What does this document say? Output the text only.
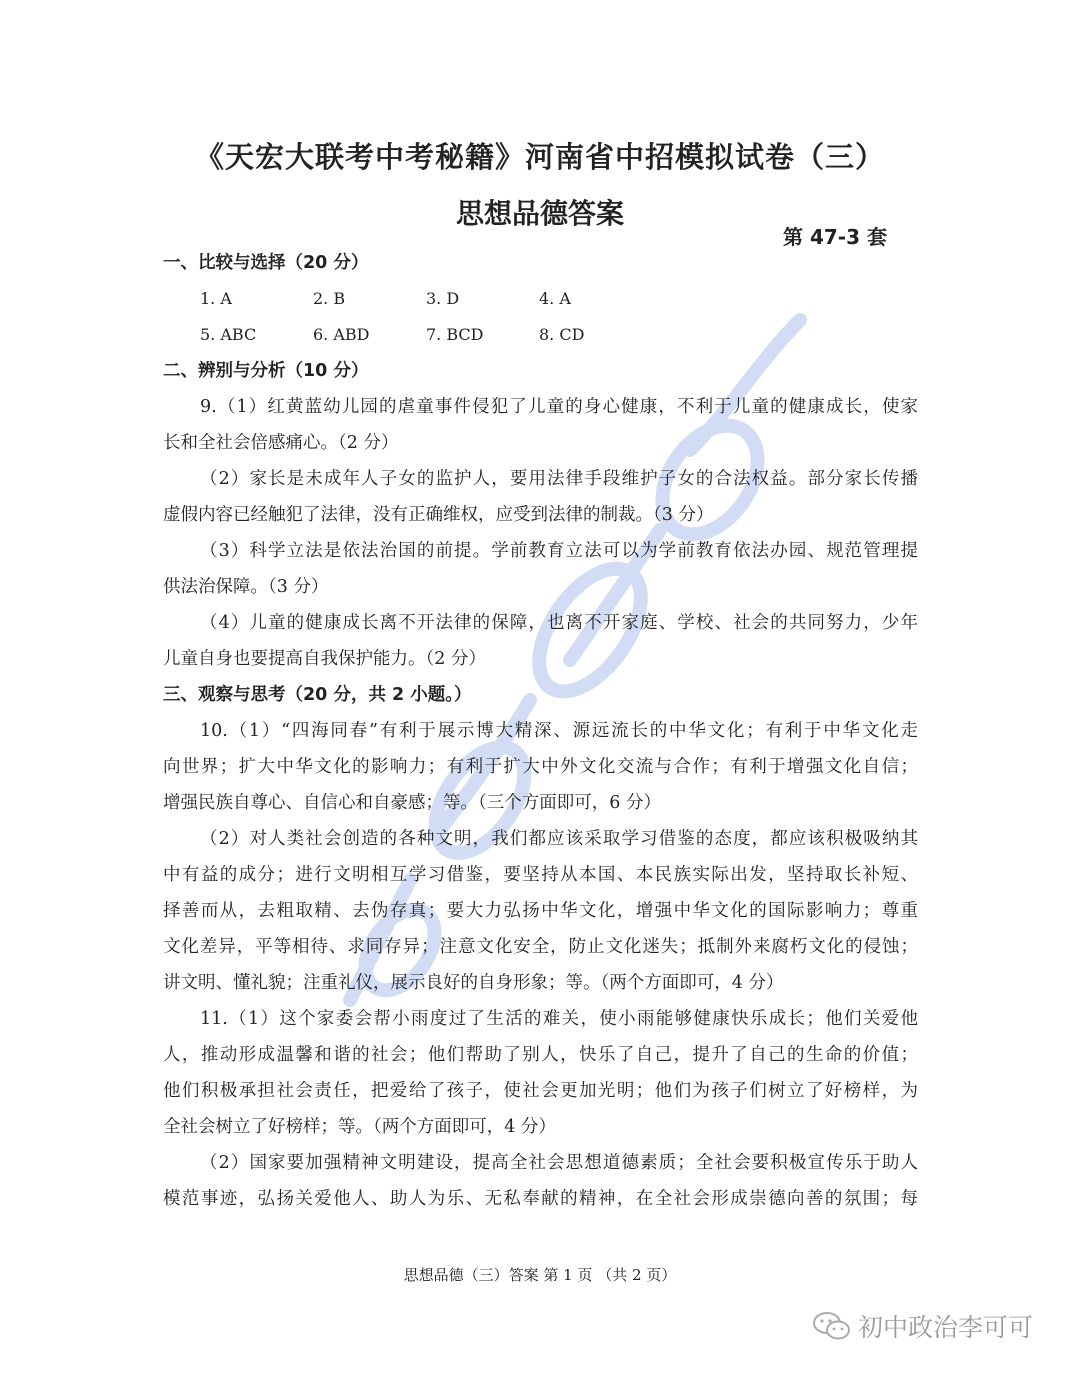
《天宏大联考中考秘籍》河南省中招模拟试卷（三）
思想品德答案
第 47-3 套
一、比较与选择（20 分）
1. A	2. B	3. D	4. A
5. ABC	6. ABD	7. BCD	8. CD
二、辨别与分析（10 分）
9.（1）红黄蓝幼儿园的虐童事件侵犯了儿童的身心健康，不利于儿童的健康成长，使家
长和全社会倍感痛心。（2 分）
（2）家长是未成年人子女的监护人，要用法律手段维护子女的合法权益。部分家长传播
虚假内容已经触犯了法律，没有正确维权，应受到法律的制裁。（3 分）
（3）科学立法是依法治国的前提。学前教育立法可以为学前教育依法办园、规范管理提
供法治保障。（3 分）
（4）儿童的健康成长离不开法律的保障，也离不开家庭、学校、社会的共同努力，少年
儿童自身也要提高自我保护能力。（2 分）
三、观察与思考（20 分，共 2 小题。）
10.（1）“四海同春”有利于展示博大精深、源远流长的中华文化；有利于中华文化走
向世界；扩大中华文化的影响力；有利于扩大中外文化交流与合作；有利于增强文化自信；
增强民族自尊心、自信心和自豪感；等。（三个方面即可，6 分）
（2）对人类社会创造的各种文明，我们都应该采取学习借鉴的态度，都应该积极吸纳其
中有益的成分；进行文明相互学习借鉴，要坚持从本国、本民族实际出发，坚持取长补短、
择善而从，去粗取精、去伪存真；要大力弘扬中华文化，增强中华文化的国际影响力；尊重
文化差异，平等相待、求同存异；注意文化安全，防止文化迷失；抵制外来腐朽文化的侵蚀；
讲文明、懂礼貌；注重礼仪，展示良好的自身形象；等。（两个方面即可，4 分）
11.（1）这个家委会帮小雨度过了生活的难关，使小雨能够健康快乐成长；他们关爱他
人，推动形成温馨和谐的社会；他们帮助了别人，快乐了自己，提升了自己的生命的价值；
他们积极承担社会责任，把爱给了孩子，使社会更加光明；他们为孩子们树立了好榜样，为
全社会树立了好榜样；等。（两个方面即可，4 分）
（2）国家要加强精神文明建设，提高全社会思想道德素质；全社会要积极宣传乐于助人
模范事迹，弘扬关爱他人、助人为乐、无私奉献的精神，在全社会形成崇德向善的氛围；每
思想品德（三）答案 第 1 页 （共 2 页）
初中政治李可可
